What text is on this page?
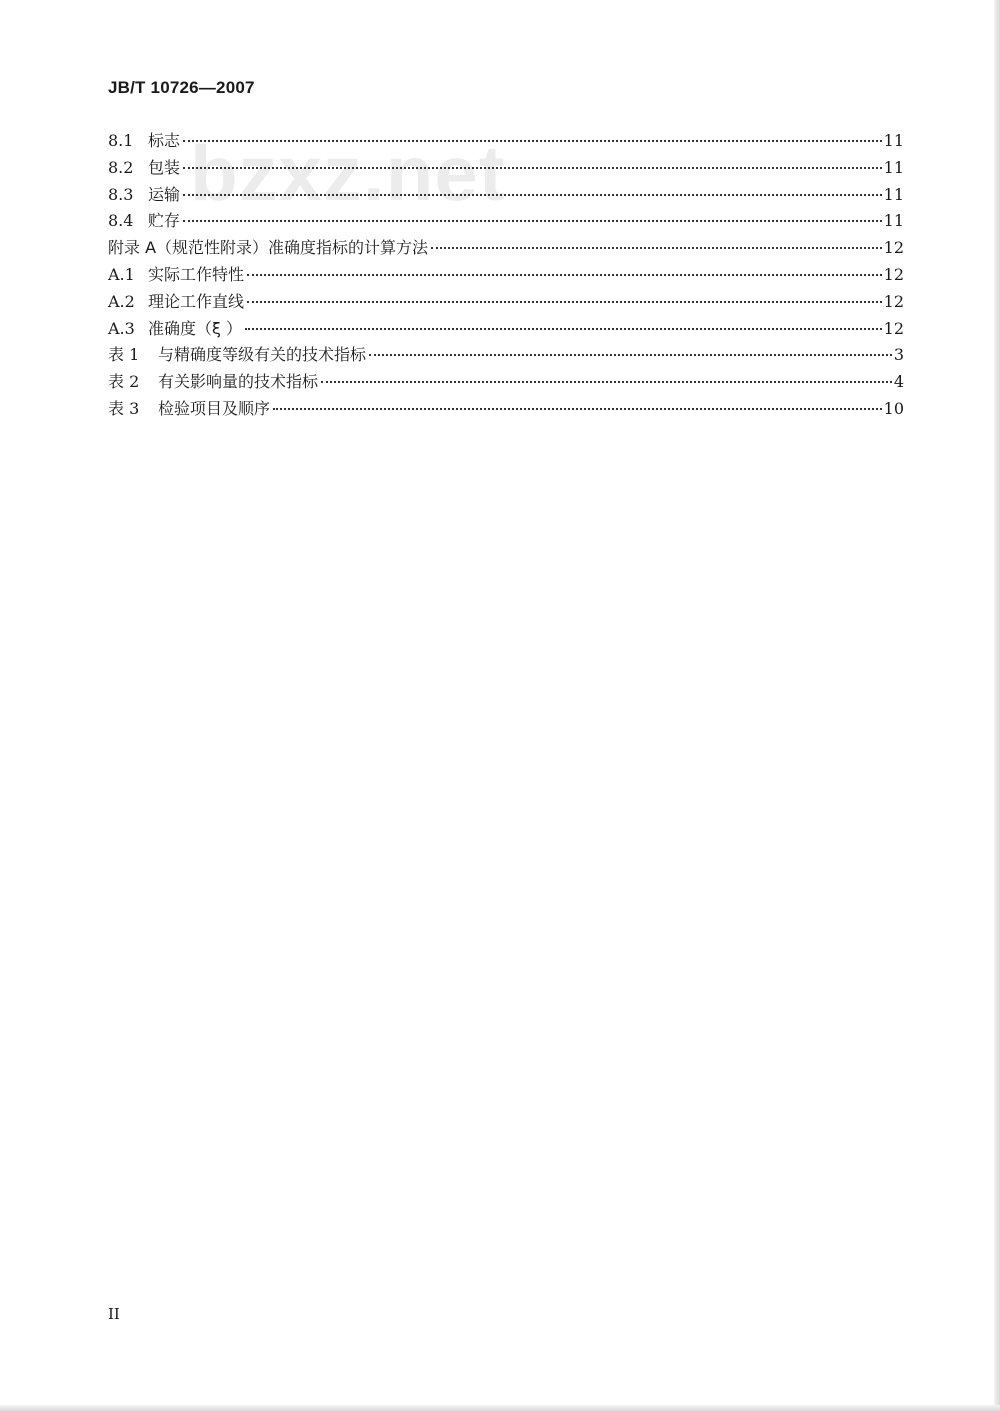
JB/T 10726—2007
bzxz.net
8.1 标志	11
8.2 包装	11
8.3 运输	11
8.4 贮存	11
附录 A（规范性附录）准确度指标的计算方法	12
A.1 实际工作特性	12
A.2 理论工作直线	12
A.3 准确度（ξ ）	12
表 1	与精确度等级有关的技术指标	3
表 2	有关影响量的技术指标	4
表 3	检验项目及顺序	10
II
